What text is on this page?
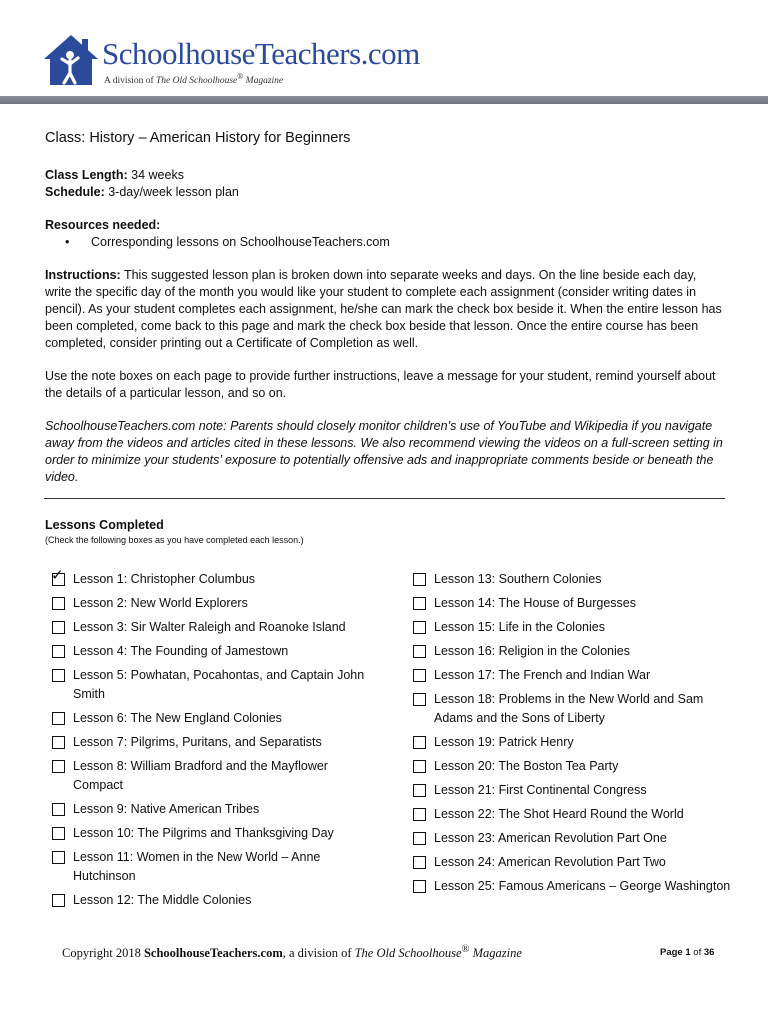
SchoolhouseTeachers.com
A division of The Old Schoolhouse® Magazine
Class: History – American History for Beginners

Class Length: 34 weeks

Schedule: 3-day/week lesson plan

Resources needed:

• Corresponding lessons on SchoolhouseTeachers.com

Instructions: This suggested lesson plan is broken down into separate weeks and days. On the line beside each day, write the specific day of the month you would like your student to complete each assignment (consider writing dates in pencil). As your student completes each assignment, he/she can mark the check box beside it. When the entire lesson has been completed, come back to this page and mark the check box beside that lesson. Once the entire course has been completed, consider printing out a Certificate of Completion as well.

Use the note boxes on each page to provide further instructions, leave a message for your student, remind yourself about the details of a particular lesson, and so on.

SchoolhouseTeachers.com note: Parents should closely monitor children’s use of YouTube and Wikipedia if you navigate away from the videos and articles cited in these lessons. We also recommend viewing the videos on a full-screen setting in order to minimize your students’ exposure to potentially offensive ads and inappropriate comments beside or beneath the video.

Lessons Completed
(Check the following boxes as you have completed each lesson.)
✓ Lesson 1: Christopher Columbus
Lesson 2: New World Explorers
Lesson 3: Sir Walter Raleigh and Roanoke Island
Lesson 4: The Founding of Jamestown
Lesson 5: Powhatan, Pocahontas, and Captain John Smith
Lesson 6: The New England Colonies
Lesson 7: Pilgrims, Puritans, and Separatists
Lesson 8: William Bradford and the Mayflower Compact
Lesson 9: Native American Tribes
Lesson 10: The Pilgrims and Thanksgiving Day
Lesson 11: Women in the New World – Anne Hutchinson
Lesson 12: The Middle Colonies
Lesson 13: Southern Colonies
Lesson 14: The House of Burgesses
Lesson 15: Life in the Colonies
Lesson 16: Religion in the Colonies
Lesson 17: The French and Indian War
Lesson 18: Problems in the New World and Sam Adams and the Sons of Liberty
Lesson 19: Patrick Henry
Lesson 20: The Boston Tea Party
Lesson 21: First Continental Congress
Lesson 22: The Shot Heard Round the World
Lesson 23: American Revolution Part One
Lesson 24: American Revolution Part Two
Lesson 25: Famous Americans – George Washington
Copyright 2018 SchoolhouseTeachers.com, a division of The Old Schoolhouse® Magazine	Page 1 of 36
